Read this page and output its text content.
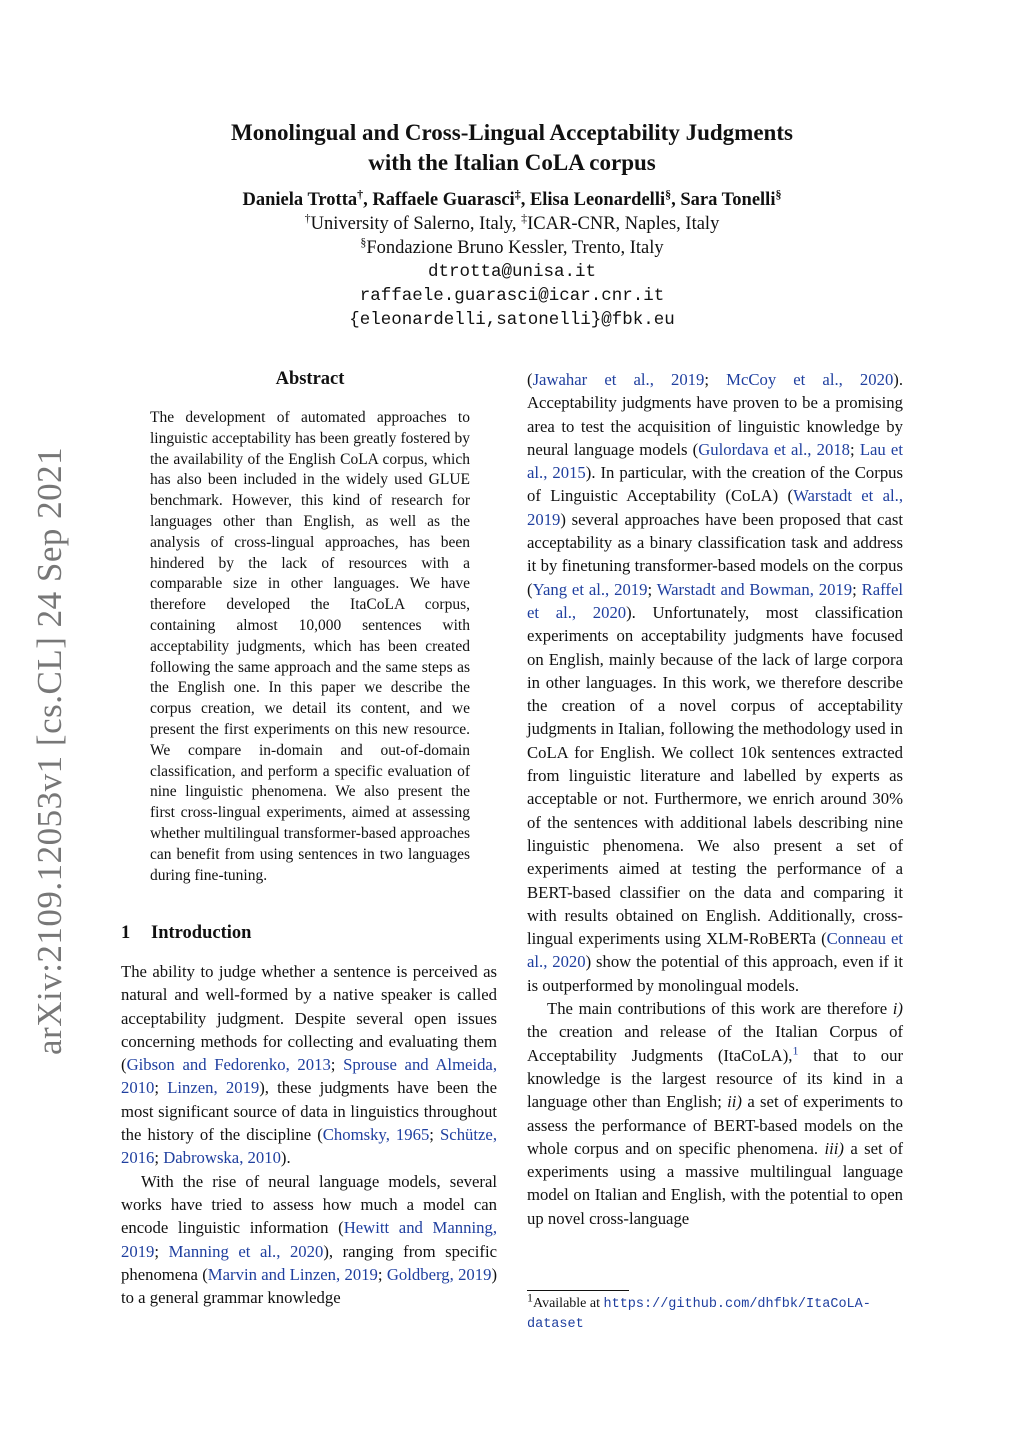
arXiv:2109.12053v1 [cs.CL] 24 Sep 2021
Monolingual and Cross-Lingual Acceptability Judgments
with the Italian CoLA corpus
Daniela Trotta†, Raffaele Guarasci‡, Elisa Leonardelli§, Sara Tonelli§
†University of Salerno, Italy, ‡ICAR-CNR, Naples, Italy
§Fondazione Bruno Kessler, Trento, Italy
dtrotta@unisa.it
raffaele.guarasci@icar.cnr.it
{eleonardelli,satonelli}@fbk.eu
Abstract
The development of automated approaches to linguistic acceptability has been greatly fostered by the availability of the English CoLA corpus, which has also been included in the widely used GLUE benchmark. However, this kind of research for languages other than English, as well as the analysis of cross-lingual approaches, has been hindered by the lack of resources with a comparable size in other languages. We have therefore developed the ItaCoLA corpus, containing almost 10,000 sentences with acceptability judgments, which has been created following the same approach and the same steps as the English one. In this paper we describe the corpus creation, we detail its content, and we present the first experiments on this new resource. We compare in-domain and out-of-domain classification, and perform a specific evaluation of nine linguistic phenomena. We also present the first cross-lingual experiments, aimed at assessing whether multilingual transformer-based approaches can benefit from using sentences in two languages during fine-tuning.
1 Introduction

The ability to judge whether a sentence is perceived as natural and well-formed by a native speaker is called acceptability judgment. Despite several open issues concerning methods for collecting and evaluating them (Gibson and Fedorenko, 2013; Sprouse and Almeida, 2010; Linzen, 2019), these judgments have been the most significant source of data in linguistics throughout the history of the discipline (Chomsky, 1965; Schütze, 2016; Dabrowska, 2010).

With the rise of neural language models, several works have tried to assess how much a model can encode linguistic information (Hewitt and Manning, 2019; Manning et al., 2020), ranging from specific phenomena (Marvin and Linzen, 2019; Goldberg, 2019) to a general grammar knowledge

(Jawahar et al., 2019; McCoy et al., 2020). Acceptability judgments have proven to be a promising area to test the acquisition of linguistic knowledge by neural language models (Gulordava et al., 2018; Lau et al., 2015). In particular, with the creation of the Corpus of Linguistic Acceptability (CoLA) (Warstadt et al., 2019) several approaches have been proposed that cast acceptability as a binary classification task and address it by finetuning transformer-based models on the corpus (Yang et al., 2019; Warstadt and Bowman, 2019; Raffel et al., 2020). Unfortunately, most classification experiments on acceptability judgments have focused on English, mainly because of the lack of large corpora in other languages. In this work, we therefore describe the creation of a novel corpus of acceptability judgments in Italian, following the methodology used in CoLA for English. We collect 10k sentences extracted from linguistic literature and labelled by experts as acceptable or not. Furthermore, we enrich around 30% of the sentences with additional labels describing nine linguistic phenomena. We also present a set of experiments aimed at testing the performance of a BERT-based classifier on the data and comparing it with results obtained on English. Additionally, cross-lingual experiments using XLM-RoBERTa (Conneau et al., 2020) show the potential of this approach, even if it is outperformed by monolingual models.

The main contributions of this work are therefore i) the creation and release of the Italian Corpus of Acceptability Judgments (ItaCoLA),$^1$ that to our knowledge is the largest resource of its kind in a language other than English; ii) a set of experiments to assess the performance of BERT-based models on the whole corpus and on specific phenomena. iii) a set of experiments using a massive multilingual language model on Italian and English, with the potential to open up novel cross-language

$^1$Available at https://github.com/dhfbk/ItaCoLA-dataset
